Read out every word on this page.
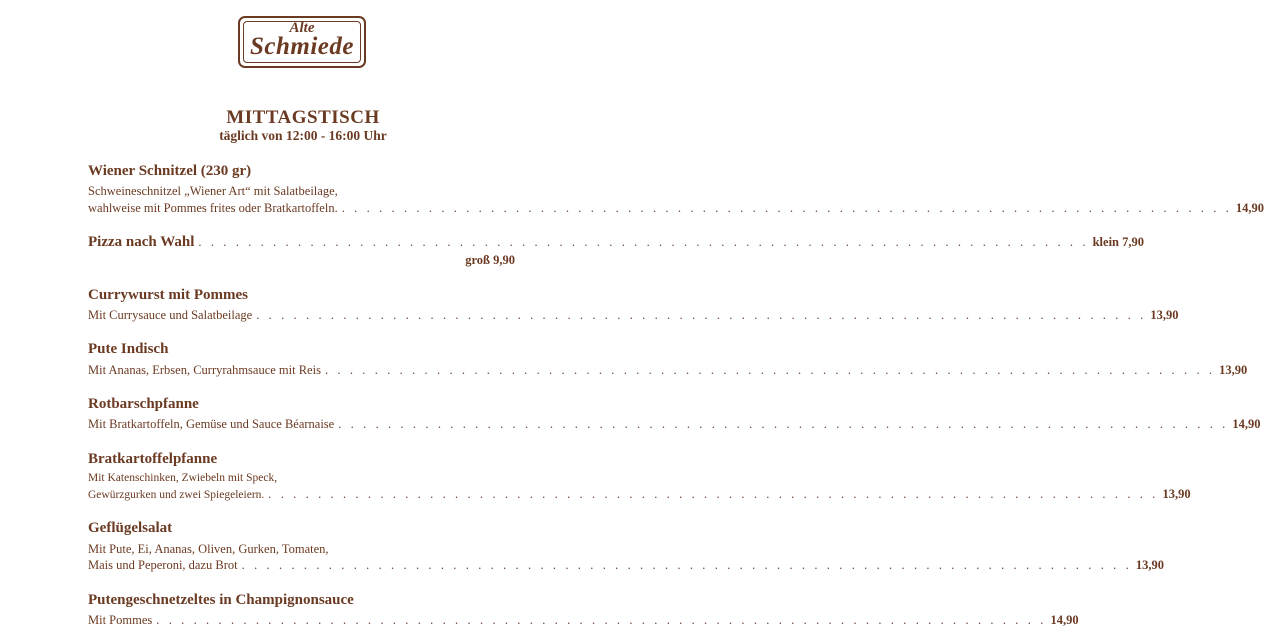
Alte
Schmiede
MITTAGSTISCH
täglich von 12:00 - 16:00 Uhr
Wiener Schnitzel (230 gr)
Schweineschnitzel „Wiener Art“ mit Salatbeilage,
wahlweise mit Pommes frites oder Bratkartoffeln. . . . . . . . . . . . . . . . . . . . . . . . . . . . . . . . . . . . . . . . . . . . . . . . . . . . . . . . . . . . . . . . . . . . . . . . . 14,90
Pizza nach Wahl . . . . . . . . . . . . . . . . . . . . . . . . . . . . . . . . . . . . . . . . . . . . . . . . . . . . . . . . . . . . . . . . . . . . . . . . klein 7,90
groß 9,90
Currywurst mit Pommes
Mit Currysauce und Salatbeilage . . . . . . . . . . . . . . . . . . . . . . . . . . . . . . . . . . . . . . . . . . . . . . . . . . . . . . . . . . . . . . . . . . . . . . . . 13,90
Pute Indisch
Mit Ananas, Erbsen, Curryrahmsauce mit Reis . . . . . . . . . . . . . . . . . . . . . . . . . . . . . . . . . . . . . . . . . . . . . . . . . . . . . . . . . . . . . . . . . . . . . . . . 13,90
Rotbarschpfanne
Mit Bratkartoffeln, Gemüse und Sauce Béarnaise . . . . . . . . . . . . . . . . . . . . . . . . . . . . . . . . . . . . . . . . . . . . . . . . . . . . . . . . . . . . . . . . . . . . . . . . 14,90
Bratkartoffelpfanne
Mit Katenschinken, Zwiebeln mit Speck,
Gewürzgurken und zwei Spiegeleiern. . . . . . . . . . . . . . . . . . . . . . . . . . . . . . . . . . . . . . . . . . . . . . . . . . . . . . . . . . . . . . . . . . . . . . . . . 13,90
Geflügelsalat
Mit Pute, Ei, Ananas, Oliven, Gurken, Tomaten,
Mais und Peperoni, dazu Brot . . . . . . . . . . . . . . . . . . . . . . . . . . . . . . . . . . . . . . . . . . . . . . . . . . . . . . . . . . . . . . . . . . . . . . . . 13,90
Putengeschnetzeltes in Champignonsauce
Mit Pommes . . . . . . . . . . . . . . . . . . . . . . . . . . . . . . . . . . . . . . . . . . . . . . . . . . . . . . . . . . . . . . . . . . . . . . . . 14,90
